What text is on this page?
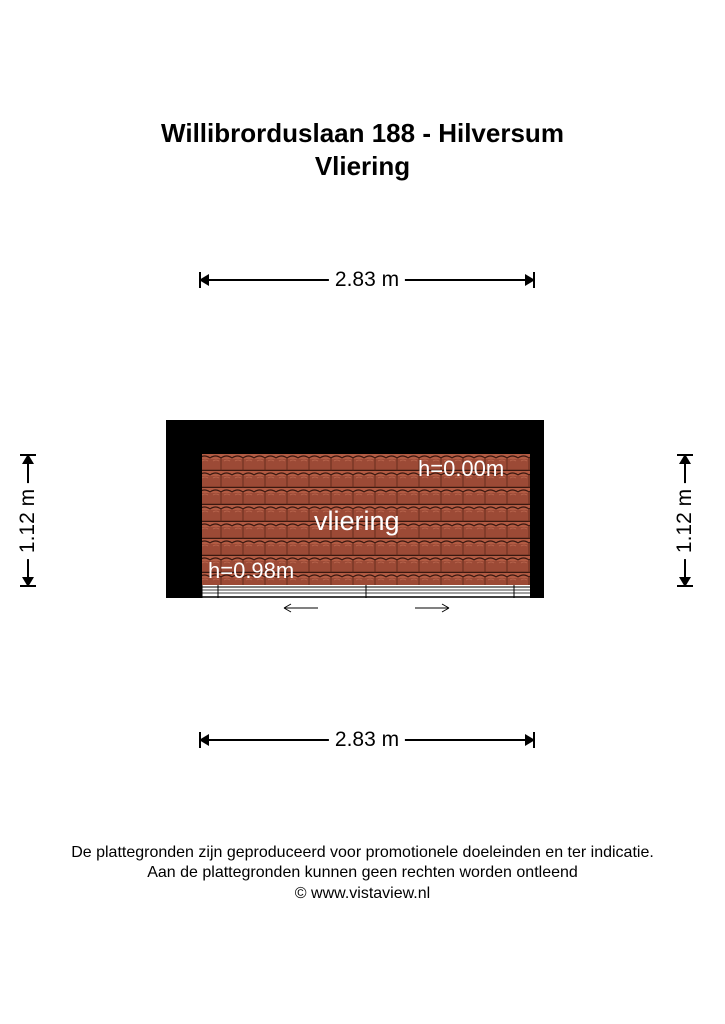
Willibrorduslaan 188 - Hilversum
Vliering
2.83 m
2.83 m
1.12 m	1.12 m
h=0.00m
vliering
h=0.98m
De plattegronden zijn geproduceerd voor promotionele doeleinden en ter indicatie.
Aan de plattegronden kunnen geen rechten worden ontleend
© www.vistaview.nl
